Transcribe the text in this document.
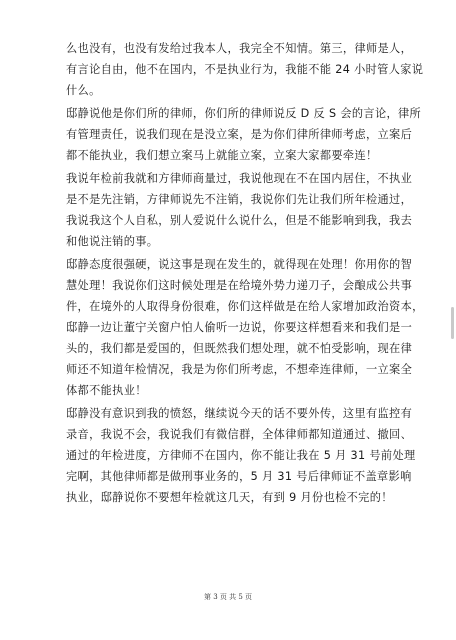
么也没有，也没有发给过我本人，我完全不知情。第三，律师是人，
有言论自由，他不在国内，不是执业行为，我能不能 24 小时管人家说
什么。
邸静说他是你们所的律师，你们所的律师说反 D 反 S 会的言论，律所
有管理责任，说我们现在是没立案，是为你们律所律师考虑，立案后
都不能执业，我们想立案马上就能立案，立案大家都要牵连！
我说年检前我就和方律师商量过，我说他现在不在国内居住，不执业
是不是先注销，方律师说先不注销，我说你们先让我们所年检通过，
我说我这个人自私，别人爱说什么说什么，但是不能影响到我，我去
和他说注销的事。
邸静态度很强硬，说这事是现在发生的，就得现在处理！你用你的智
慧处理！我说你们这时候处理是在给境外势力递刀子，会酿成公共事
件，在境外的人取得身份很难，你们这样做是在给人家增加政治资本，
邸静一边让董宁关窗户怕人偷听一边说，你要这样想看来和我们是一
头的，我们都是爱国的，但既然我们想处理，就不怕受影响，现在律
师还不知道年检情况，我是为你们所考虑，不想牵连律师，一立案全
体都不能执业！
邸静没有意识到我的愤怒，继续说今天的话不要外传，这里有监控有
录音，我说不会，我说我们有微信群，全体律师都知道通过、撤回、
通过的年检进度，方律师不在国内，你不能让我在 5 月 31 号前处理
完啊，其他律师都是做刑事业务的，5 月 31 号后律师证不盖章影响
执业，邸静说你不要想年检就这几天，有到 9 月份也检不完的！
第 3 页 共 5 页
